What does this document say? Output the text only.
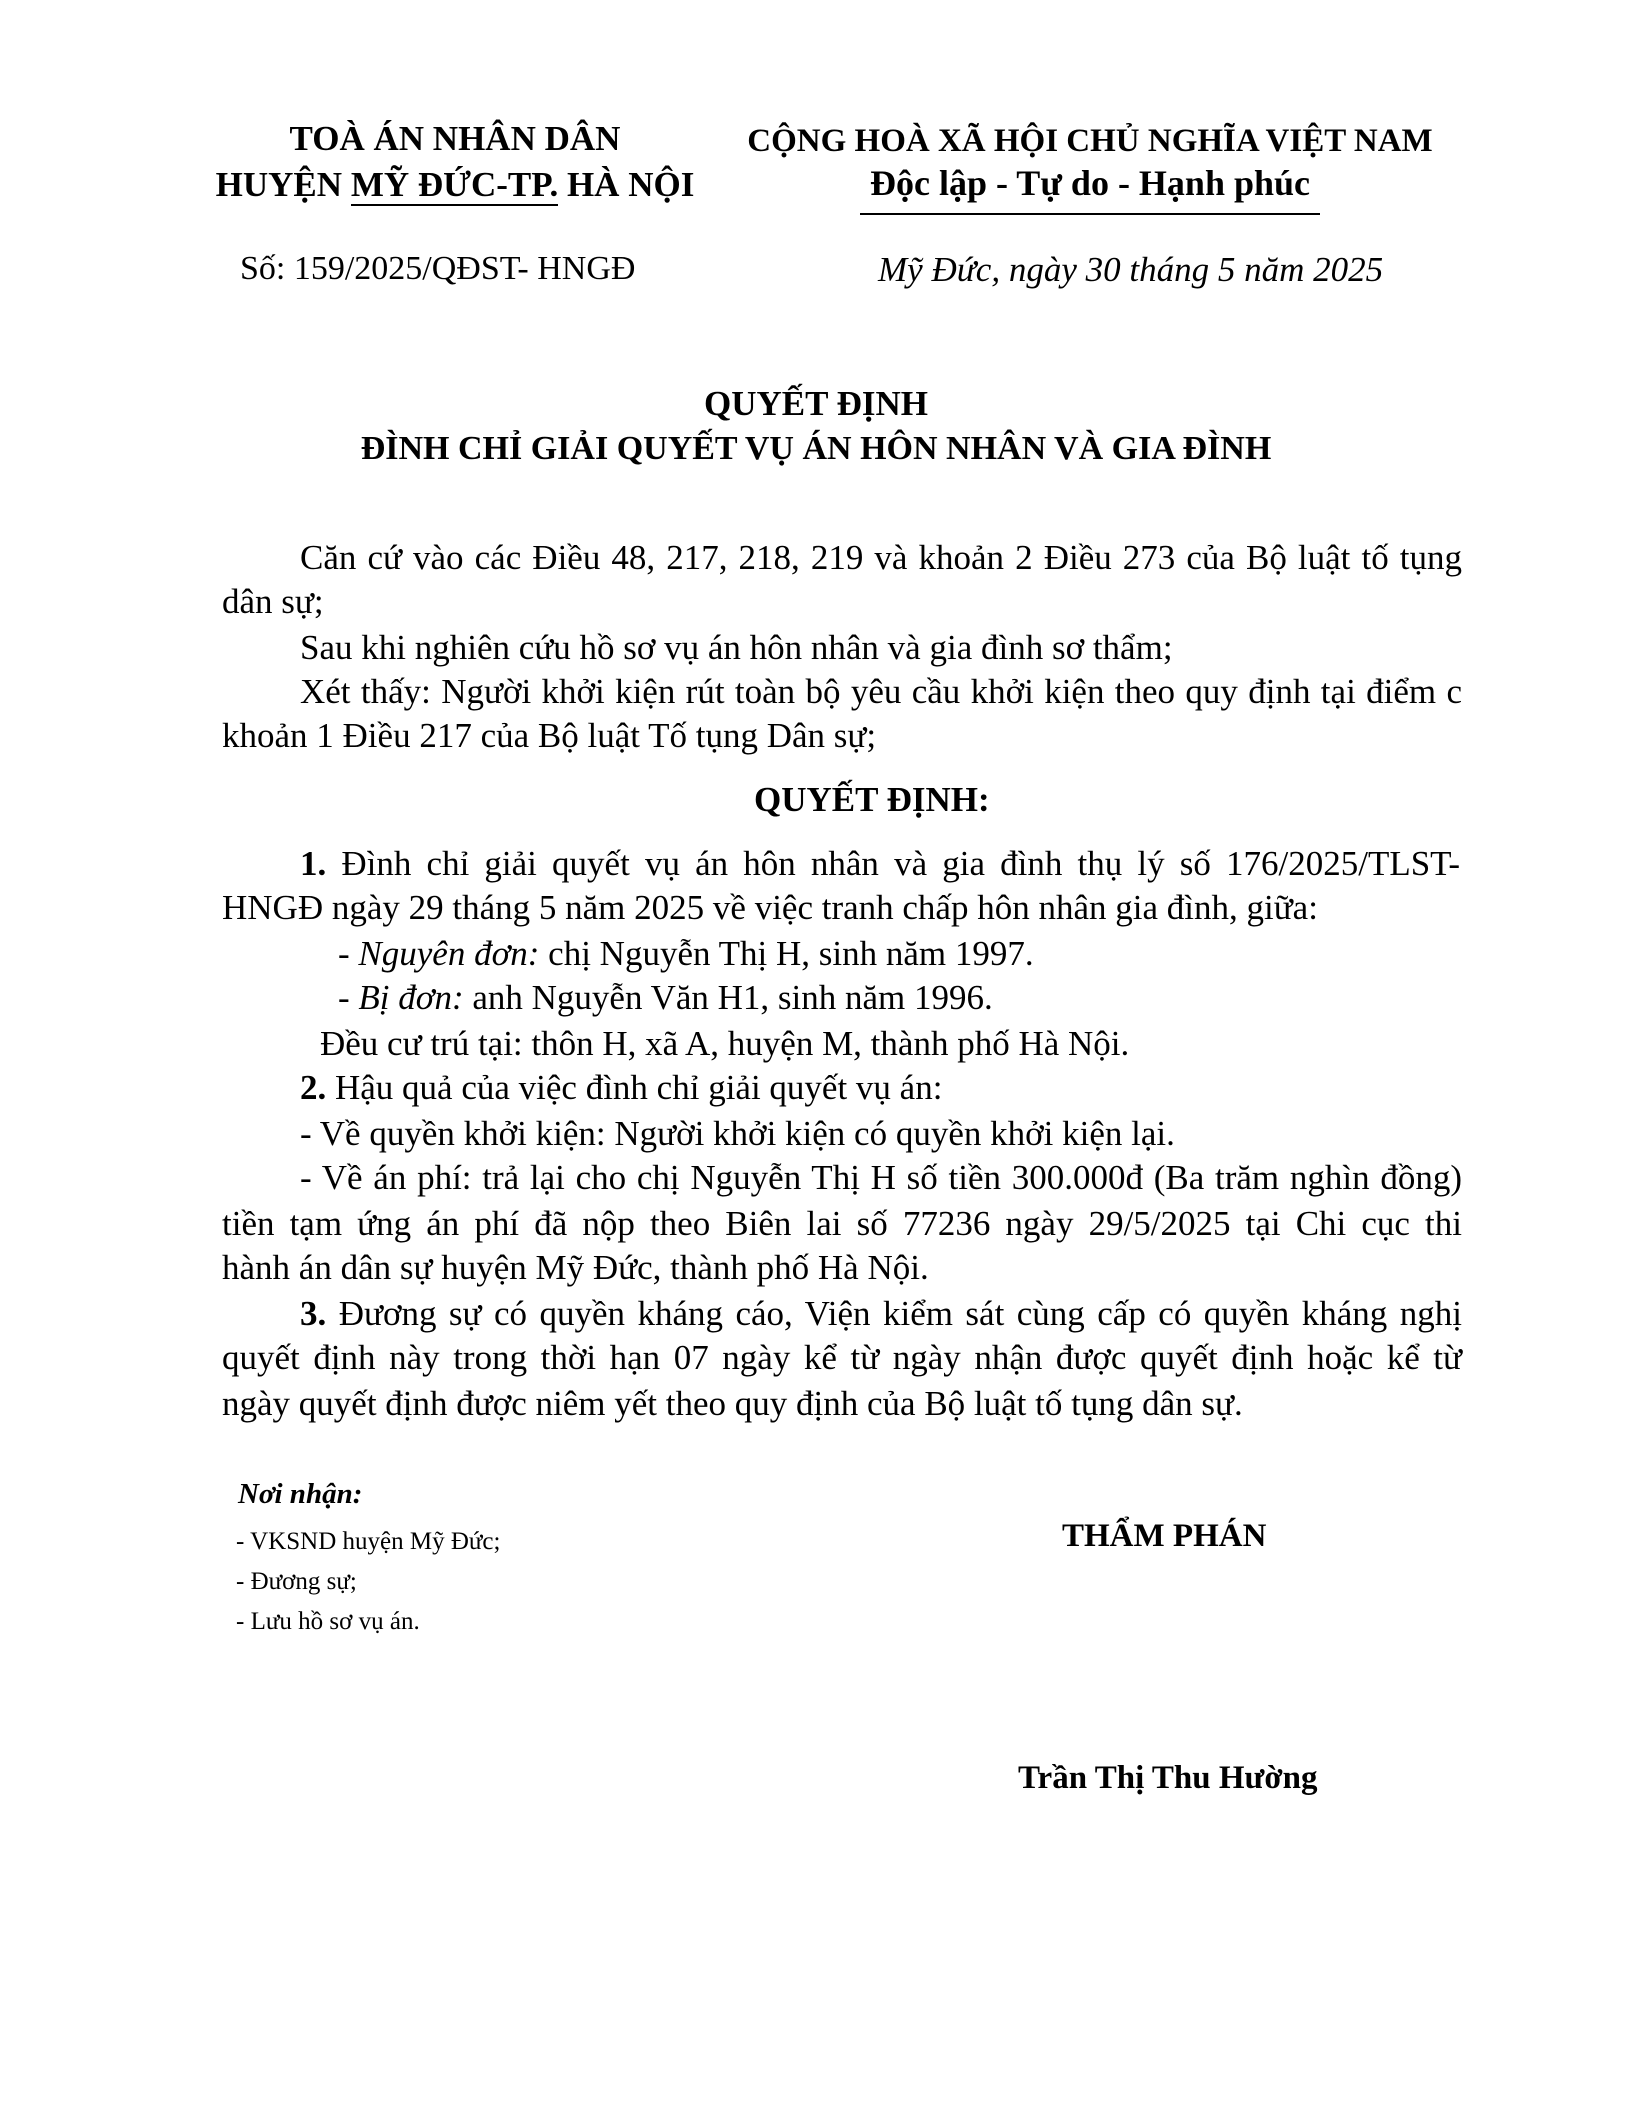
TOÀ ÁN NHÂN DÂN
HUYỆN MỸ ĐỨC-TP. HÀ NỘI
CỘNG HOÀ XÃ HỘI CHỦ NGHĨA VIỆT NAM
Độc lập - Tự do - Hạnh phúc
Số: 159/2025/QĐST- HNGĐ	Mỹ Đức, ngày 30 tháng 5 năm 2025
QUYẾT ĐỊNH
ĐÌNH CHỈ GIẢI QUYẾT VỤ ÁN HÔN NHÂN VÀ GIA ĐÌNH
Căn cứ vào các Điều 48, 217, 218, 219 và khoản 2 Điều 273 của Bộ luật tố tụng
dân sự;
Sau khi nghiên cứu hồ sơ vụ án hôn nhân và gia đình sơ thẩm;
Xét thấy: Người khởi kiện rút toàn bộ yêu cầu khởi kiện theo quy định tại điểm c
khoản 1 Điều 217 của Bộ luật Tố tụng Dân sự;
QUYẾT ĐỊNH:
1. Đình chỉ giải quyết vụ án hôn nhân và gia đình thụ lý số 176/2025/TLST-
HNGĐ ngày 29 tháng 5 năm 2025 về việc tranh chấp hôn nhân gia đình, giữa:
- Nguyên đơn: chị Nguyễn Thị H, sinh năm 1997.
- Bị đơn: anh Nguyễn Văn H1, sinh năm 1996.
Đều cư trú tại: thôn H, xã A, huyện M, thành phố Hà Nội.
2. Hậu quả của việc đình chỉ giải quyết vụ án:
- Về quyền khởi kiện: Người khởi kiện có quyền khởi kiện lại.
- Về án phí: trả lại cho chị Nguyễn Thị H số tiền 300.000đ (Ba trăm nghìn đồng)
tiền tạm ứng án phí đã nộp theo Biên lai số 77236 ngày 29/5/2025 tại Chi cục thi
hành án dân sự huyện Mỹ Đức, thành phố Hà Nội.
3. Đương sự có quyền kháng cáo, Viện kiểm sát cùng cấp có quyền kháng nghị
quyết định này trong thời hạn 07 ngày kể từ ngày nhận được quyết định hoặc kể từ
ngày quyết định được niêm yết theo quy định của Bộ luật tố tụng dân sự.
Nơi nhận:
- VKSND huyện Mỹ Đức;
- Đương sự;
- Lưu hồ sơ vụ án.
THẨM PHÁN
Trần Thị Thu Hường
